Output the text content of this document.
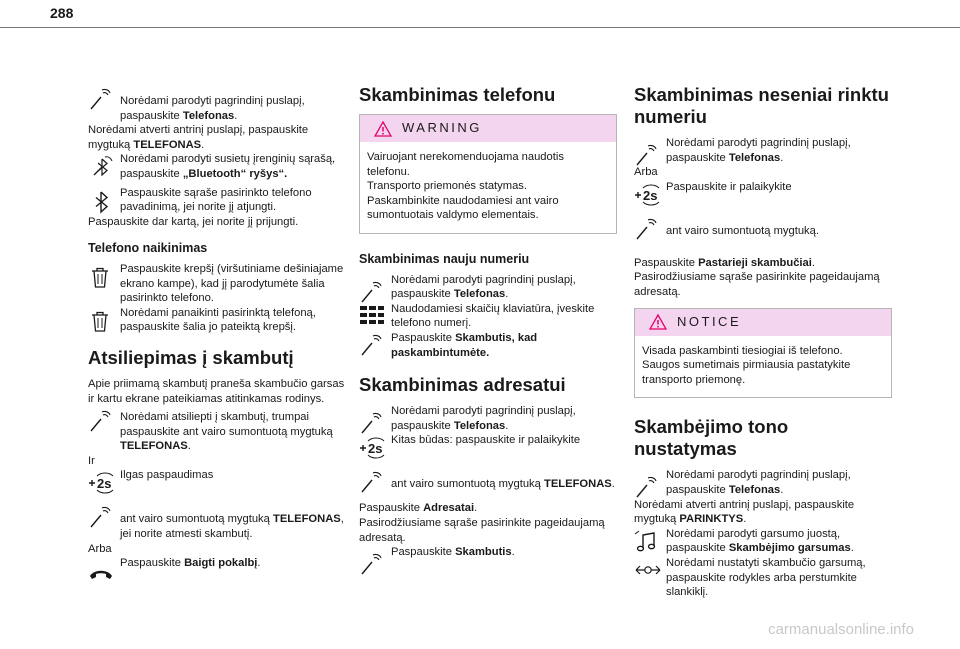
288
Norėdami parodyti pagrindinį puslapį, paspauskite Telefonas.

Norėdami atverti antrinį puslapį, paspauskite mygtuką TELEFONAS.

Norėdami parodyti susietų įrenginių sąrašą, paspauskite „Bluetooth“ ryšys“.
Paspauskite sąraše pasirinkto telefono pavadinimą, jei norite jį atjungti.

Paspauskite dar kartą, jei norite jį prijungti.

Telefono naikinimas
Paspauskite krepšį (viršutiniame dešiniajame ekrano kampe), kad jį parodytumėte šalia pasirinkto telefono.
Norėdami panaikinti pasirinktą telefoną, paspauskite šalia jo pateiktą krepšį.
Atsiliepimas į skambutį

Apie priimamą skambutį praneša skambučio garsas ir kartu ekrane pateikiamas atitinkamas rodinys.

Norėdami atsiliepti į skambutį, trumpai paspauskite ant vairo sumontuotą mygtuką TELEFONAS.

Ir

2s
Ilgas paspaudimas
ant vairo sumontuotą mygtuką TELEFONAS, jei norite atmesti skambutį.

Arba

Paspauskite Baigti pokalbį.
Skambinimas telefonu
WARNING
Vairuojant nerekomenduojama naudotis telefonu.
Transporto priemonės statymas.
Paskambinkite naudodamiesi ant vairo sumontuotais valdymo elementais.
Skambinimas nauju numeriu
Norėdami parodyti pagrindinį puslapį, paspauskite Telefonas.
Naudodamiesi skaičių klaviatūra, įveskite telefono numerį.
Paspauskite Skambutis, kad paskambintumėte.
Skambinimas adresatui
Norėdami parodyti pagrindinį puslapį, paspauskite Telefonas.
2s
Kitas būdas: paspauskite ir palaikykite
ant vairo sumontuotą mygtuką TELEFONAS.

Paspauskite Adresatai.

Pasirodžiusiame sąraše pasirinkite pageidaujamą adresatą.

Paspauskite Skambutis.
Skambinimas neseniai rinktu numeriu
Norėdami parodyti pagrindinį puslapį, paspauskite Telefonas.

Arba

2s
Paspauskite ir palaikykite
ant vairo sumontuotą mygtuką.

Paspauskite Pastarieji skambučiai.

Pasirodžiusiame sąraše pasirinkite pageidaujamą adresatą.

NOTICE
Visada paskambinti tiesiogiai iš telefono.
Saugos sumetimais pirmiausia pastatykite transporto priemonę.
Skambėjimo tono nustatymas
Norėdami parodyti pagrindinį puslapį, paspauskite Telefonas.

Norėdami atverti antrinį puslapį, paspauskite mygtuką PARINKTYS.

Norėdami parodyti garsumo juostą, paspauskite Skambėjimo garsumas.
Norėdami nustatyti skambučio garsumą, paspauskite rodykles arba perstumkite slankiklį.
carmanualsonline.info
